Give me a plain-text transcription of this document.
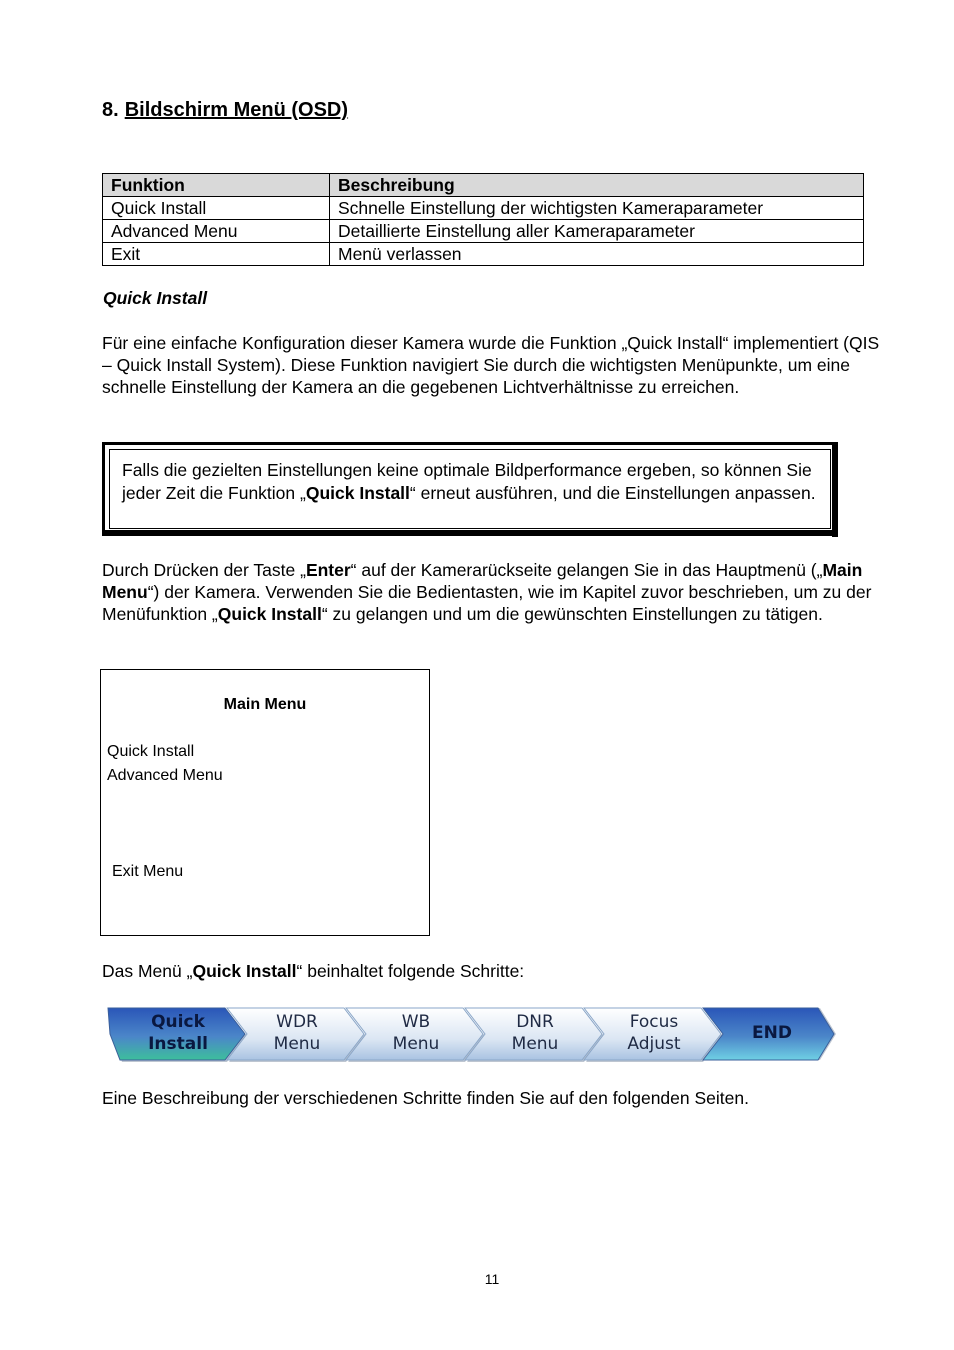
8. Bildschirm Menü (OSD)
Funktion	Beschreibung
Quick Install	Schnelle Einstellung der wichtigsten Kameraparameter
Advanced Menu	Detaillierte Einstellung aller Kameraparameter
Exit	Menü verlassen
Quick Install
Für eine einfache Konfiguration dieser Kamera wurde die Funktion „Quick Install“ implementiert (QIS – Quick Install System). Diese Funktion navigiert Sie durch die wichtigsten Menüpunkte, um eine schnelle Einstellung der Kamera an die gegebenen Lichtverhältnisse zu erreichen.
Falls die gezielten Einstellungen keine optimale Bildperformance ergeben, so können Sie jeder Zeit die Funktion „Quick Install“ erneut ausführen, und die Einstellungen anpassen.
Durch Drücken der Taste „Enter“ auf der Kamerarückseite gelangen Sie in das Hauptmenü („Main Menu“) der Kamera. Verwenden Sie die Bedientasten, wie im Kapitel zuvor beschrieben, um zu der Menüfunktion „Quick Install“ zu gelangen und um die gewünschten Einstellungen zu tätigen.
Main Menu
Quick Install
Advanced Menu
Exit Menu
Das Menü „Quick Install“ beinhaltet folgende Schritte:
Quick
Install
WDR
Menu
WB
Menu
DNR
Menu
Focus
Adjust
END
Eine Beschreibung der verschiedenen Schritte finden Sie auf den folgenden Seiten.
11
